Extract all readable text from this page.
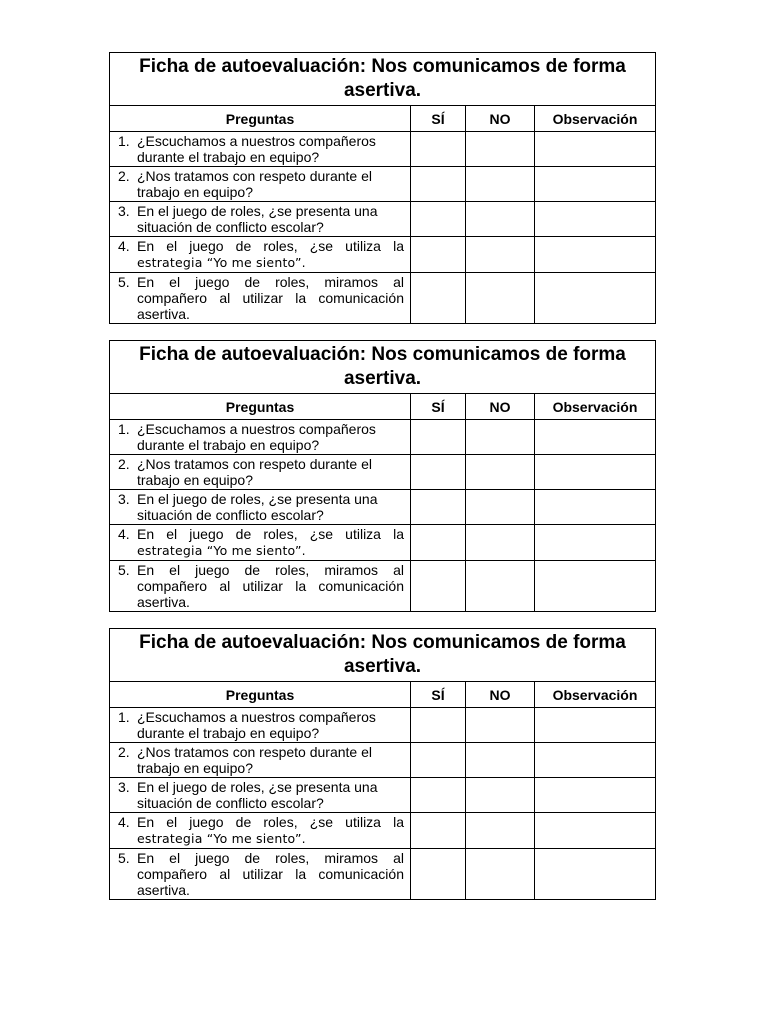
Ficha de autoevaluación: Nos comunicamos de forma asertiva.			
Preguntas	SÍ	NO	Observación

1. ¿Escuchamos a nuestros compañeros
durante el trabajo en equipo?			

2. ¿Nos tratamos con respeto durante el
trabajo en equipo?			

3. En el juego de roles, ¿se presenta una
situación de conflicto escolar?			

4. En el juego de roles, ¿se utiliza la
estrategia “Yo me siento”.			

5. En el juego de roles, miramos al
compañero al utilizar la comunicación
asertiva.			

Ficha de autoevaluación: Nos comunicamos de forma asertiva.			
Preguntas	SÍ	NO	Observación

1. ¿Escuchamos a nuestros compañeros
durante el trabajo en equipo?			

2. ¿Nos tratamos con respeto durante el
trabajo en equipo?			

3. En el juego de roles, ¿se presenta una
situación de conflicto escolar?			

4. En el juego de roles, ¿se utiliza la
estrategia “Yo me siento”.			

5. En el juego de roles, miramos al
compañero al utilizar la comunicación
asertiva.			

Ficha de autoevaluación: Nos comunicamos de forma asertiva.			
Preguntas	SÍ	NO	Observación

1. ¿Escuchamos a nuestros compañeros
durante el trabajo en equipo?			

2. ¿Nos tratamos con respeto durante el
trabajo en equipo?			

3. En el juego de roles, ¿se presenta una
situación de conflicto escolar?			

4. En el juego de roles, ¿se utiliza la
estrategia “Yo me siento”.			

5. En el juego de roles, miramos al
compañero al utilizar la comunicación
asertiva.			
